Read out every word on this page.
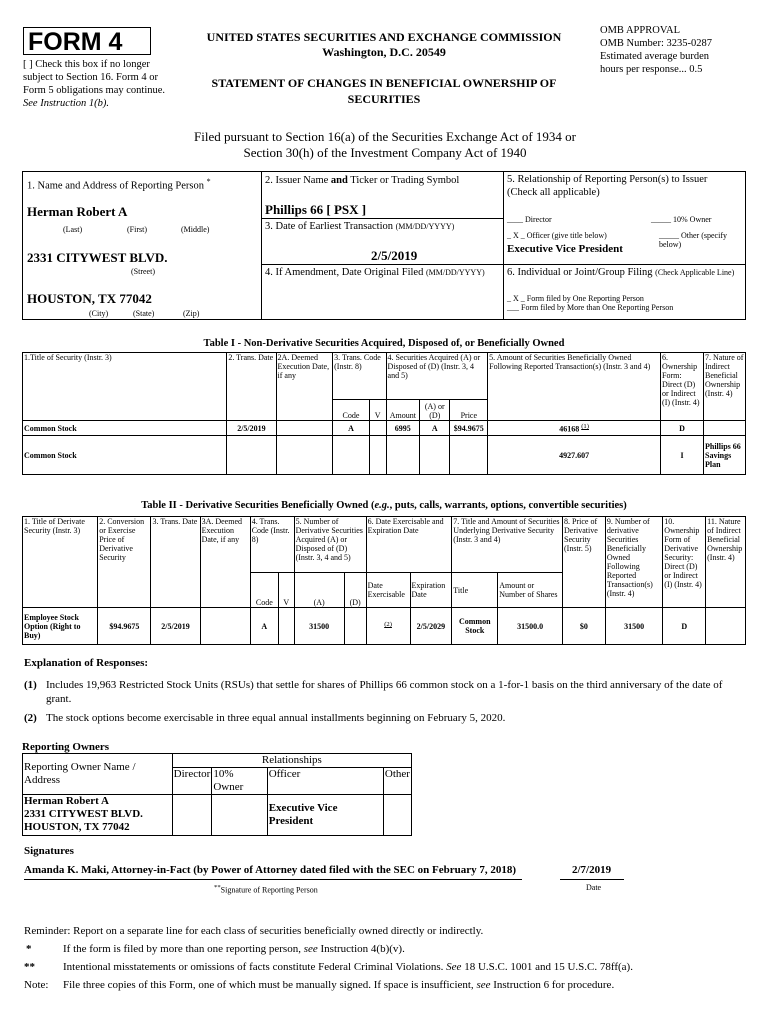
FORM 4
[ ] Check this box if no longer subject to Section 16. Form 4 or Form 5 obligations may continue. See Instruction 1(b).
UNITED STATES SECURITIES AND EXCHANGE COMMISSION
Washington, D.C. 20549
STATEMENT OF CHANGES IN BENEFICIAL OWNERSHIP OF SECURITIES
OMB APPROVAL
OMB Number: 3235-0287
Estimated average burden
hours per response... 0.5
Filed pursuant to Section 16(a) of the Securities Exchange Act of 1934 or
Section 30(h) of the Investment Company Act of 1940
1. Name and Address of Reporting Person *
Herman Robert A
(Last)	(First)	(Middle)
2331 CITYWEST BLVD.
(Street)
HOUSTON, TX 77042
(City)	(State)	(Zip)
2. Issuer Name and Ticker or Trading Symbol
Phillips 66 [ PSX ]
3. Date of Earliest Transaction (MM/DD/YYYY)
2/5/2019
4. If Amendment, Date Original Filed (MM/DD/YYYY)
5. Relationship of Reporting Person(s) to Issuer
(Check all applicable)
____ Director	_____ 10% Owner
_ X _ Officer (give title below)	_____ Other (specify below)
Executive Vice President
6. Individual or Joint/Group Filing (Check Applicable Line)
_ X _ Form filed by One Reporting Person
___ Form filed by More than One Reporting Person
Table I - Non-Derivative Securities Acquired, Disposed of, or Beneficially Owned
1.Title of Security (Instr. 3)	2. Trans. Date	2A. Deemed Execution Date, if any	3. Trans. Code (Instr. 8)		4. Securities Acquired (A) or Disposed of (D) (Instr. 3, 4 and 5)			5. Amount of Securities Beneficially Owned Following Reported Transaction(s) (Instr. 3 and 4)	6. Ownership Form: Direct (D) or Indirect (I) (Instr. 4)	7. Nature of Indirect Beneficial Ownership (Instr. 4)
			Code	V	Amount	(A) or (D)	Price			
Common Stock	2/5/2019		A		6995	A	$94.9675	46168 $^{(1)}$	D	
Common Stock								4927.607	I	Phillips 66 Savings Plan
Table II - Derivative Securities Beneficially Owned (e.g., puts, calls, warrants, options, convertible securities)
1. Title of Derivate Security (Instr. 3)	2. Conversion or Exercise Price of Derivative Security	3. Trans. Date	3A. Deemed Execution Date, if any	4. Trans. Code (Instr. 8)		5. Number of Derivative Securities Acquired (A) or Disposed of (D) (Instr. 3, 4 and 5)		6. Date Exercisable and Expiration Date		7. Title and Amount of Securities Underlying Derivative Security (Instr. 3 and 4)		8. Price of Derivative Security (Instr. 5)	9. Number of derivative Securities Beneficially Owned Following Reported Transaction(s) (Instr. 4)	10. Ownership Form of Derivative Security: Direct (D) or Indirect (I) (Instr. 4)	11. Nature of Indirect Beneficial Ownership (Instr. 4)
				Code	V	(A)	(D)	Date Exercisable	Expiration Date	Title	Amount or Number of Shares				
Employee Stock Option (Right to Buy)	$94.9675	2/5/2019		A		31500		$^{(2)}$	2/5/2029	Common Stock	31500.0	$0	31500	D	
Explanation of Responses:
(1) Includes 19,963 Restricted Stock Units (RSUs) that settle for shares of Phillips 66 common stock on a 1-for-1 basis on the third anniversary of the date of grant.
(2) The stock options become exercisable in three equal annual installments beginning on February 5, 2020.
Reporting Owners
Reporting Owner Name / Address	Relationships			
	Director	10% Owner	Officer	Other

Herman Robert A
2331 CITYWEST BLVD.
HOUSTON, TX 77042			Executive Vice President	
Signatures
Amanda K. Maki, Attorney-in-Fact (by Power of Attorney dated filed with the SEC on February 7, 2018)	2/7/2019
**Signature of Reporting Person	Date
Reminder: Report on a separate line for each class of securities beneficially owned directly or indirectly.
*	If the form is filed by more than one reporting person, see Instruction 4(b)(v).
**	Intentional misstatements or omissions of facts constitute Federal Criminal Violations. See 18 U.S.C. 1001 and 15 U.S.C. 78ff(a).
Note: File three copies of this Form, one of which must be manually signed. If space is insufficient, see Instruction 6 for procedure.
